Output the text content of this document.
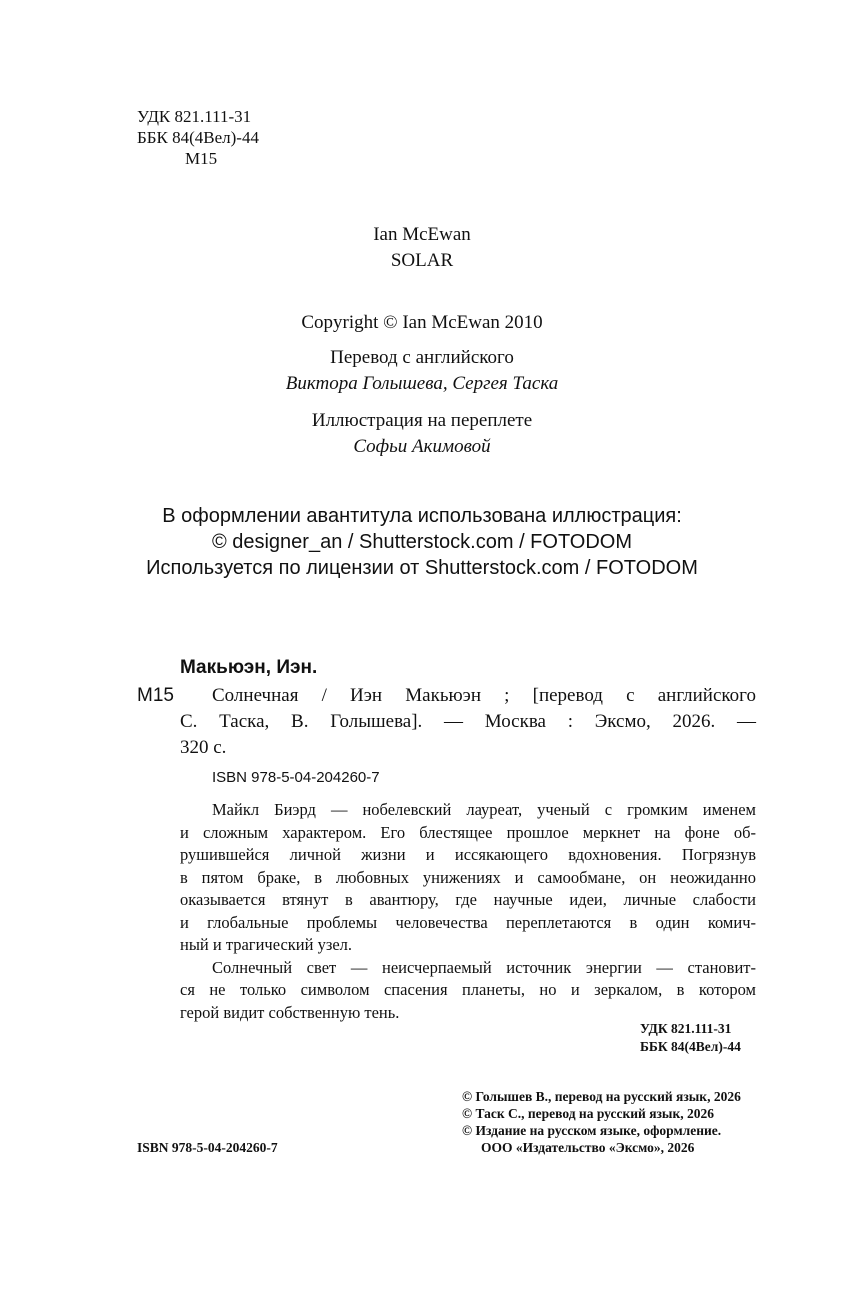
УДК 821.111-31
ББК 84(4Вел)-44
М15
Ian McEwan
SOLAR
Copyright © Ian McEwan 2010
Перевод с английского
Виктора Голышева, Сергея Таска
Иллюстрация на переплете
Софьи Акимовой
В оформлении авантитула использована иллюстрация:
© designer_an / Shutterstock.com / FOTODOM
Используется по лицензии от Shutterstock.com / FOTODOM
Макьюэн, Иэн.
М15 Солнечная / Иэн Макьюэн ; [перевод с английского
С. Таска, В. Голышева]. — Москва : Эксмо, 2026. —
320 с.
ISBN 978-5-04-204260-7
Майкл Биэрд — нобелевский лауреат, ученый с громким именем
и сложным характером. Его блестящее прошлое меркнет на фоне об-
рушившейся личной жизни и иссякающего вдохновения. Погрязнув
в пятом браке, в любовных унижениях и самообмане, он неожиданно
оказывается втянут в авантюру, где научные идеи, личные слабости
и глобальные проблемы человечества переплетаются в один комич-
ный и трагический узел.
Солнечный свет — неисчерпаемый источник энергии — становит-
ся не только символом спасения планеты, но и зеркалом, в котором
герой видит собственную тень.
УДК 821.111-31
ББК 84(4Вел)-44
© Голышев В., перевод на русский язык, 2026
© Таск С., перевод на русский язык, 2026
© Издание на русском языке, оформление.
ООО «Издательство «Эксмо», 2026
ISBN 978-5-04-204260-7
